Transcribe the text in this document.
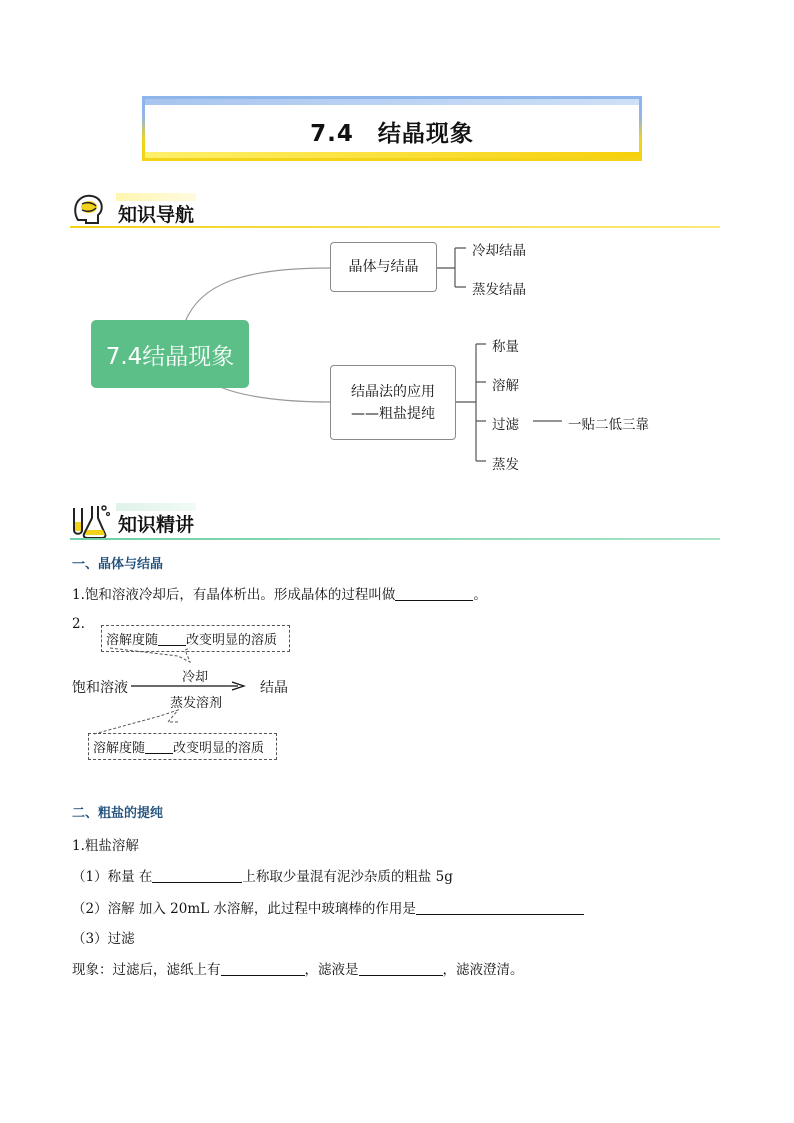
7.4　结晶现象
知识导航
7.4结晶现象
晶体与结晶
冷却结晶
蒸发结晶
结晶法的应用
——粗盐提纯
称量
溶解
过滤
蒸发
一贴二低三靠
知识精讲
一、晶体与结晶
1.饱和溶液冷却后，有晶体析出。形成晶体的过程叫做	。
2.
溶解度随 改变明显的溶质
饱和溶液
冷却
蒸发溶剂
结晶
溶解度随 改变明显的溶质
二、粗盐的提纯
1.粗盐溶解
（1）称量 在	上称取少量混有泥沙杂质的粗盐 5g
（2）溶解 加入 20mL 水溶解，此过程中玻璃棒的作用是
（3）过滤
现象：过滤后，滤纸上有	，滤液是	，滤液澄清。
